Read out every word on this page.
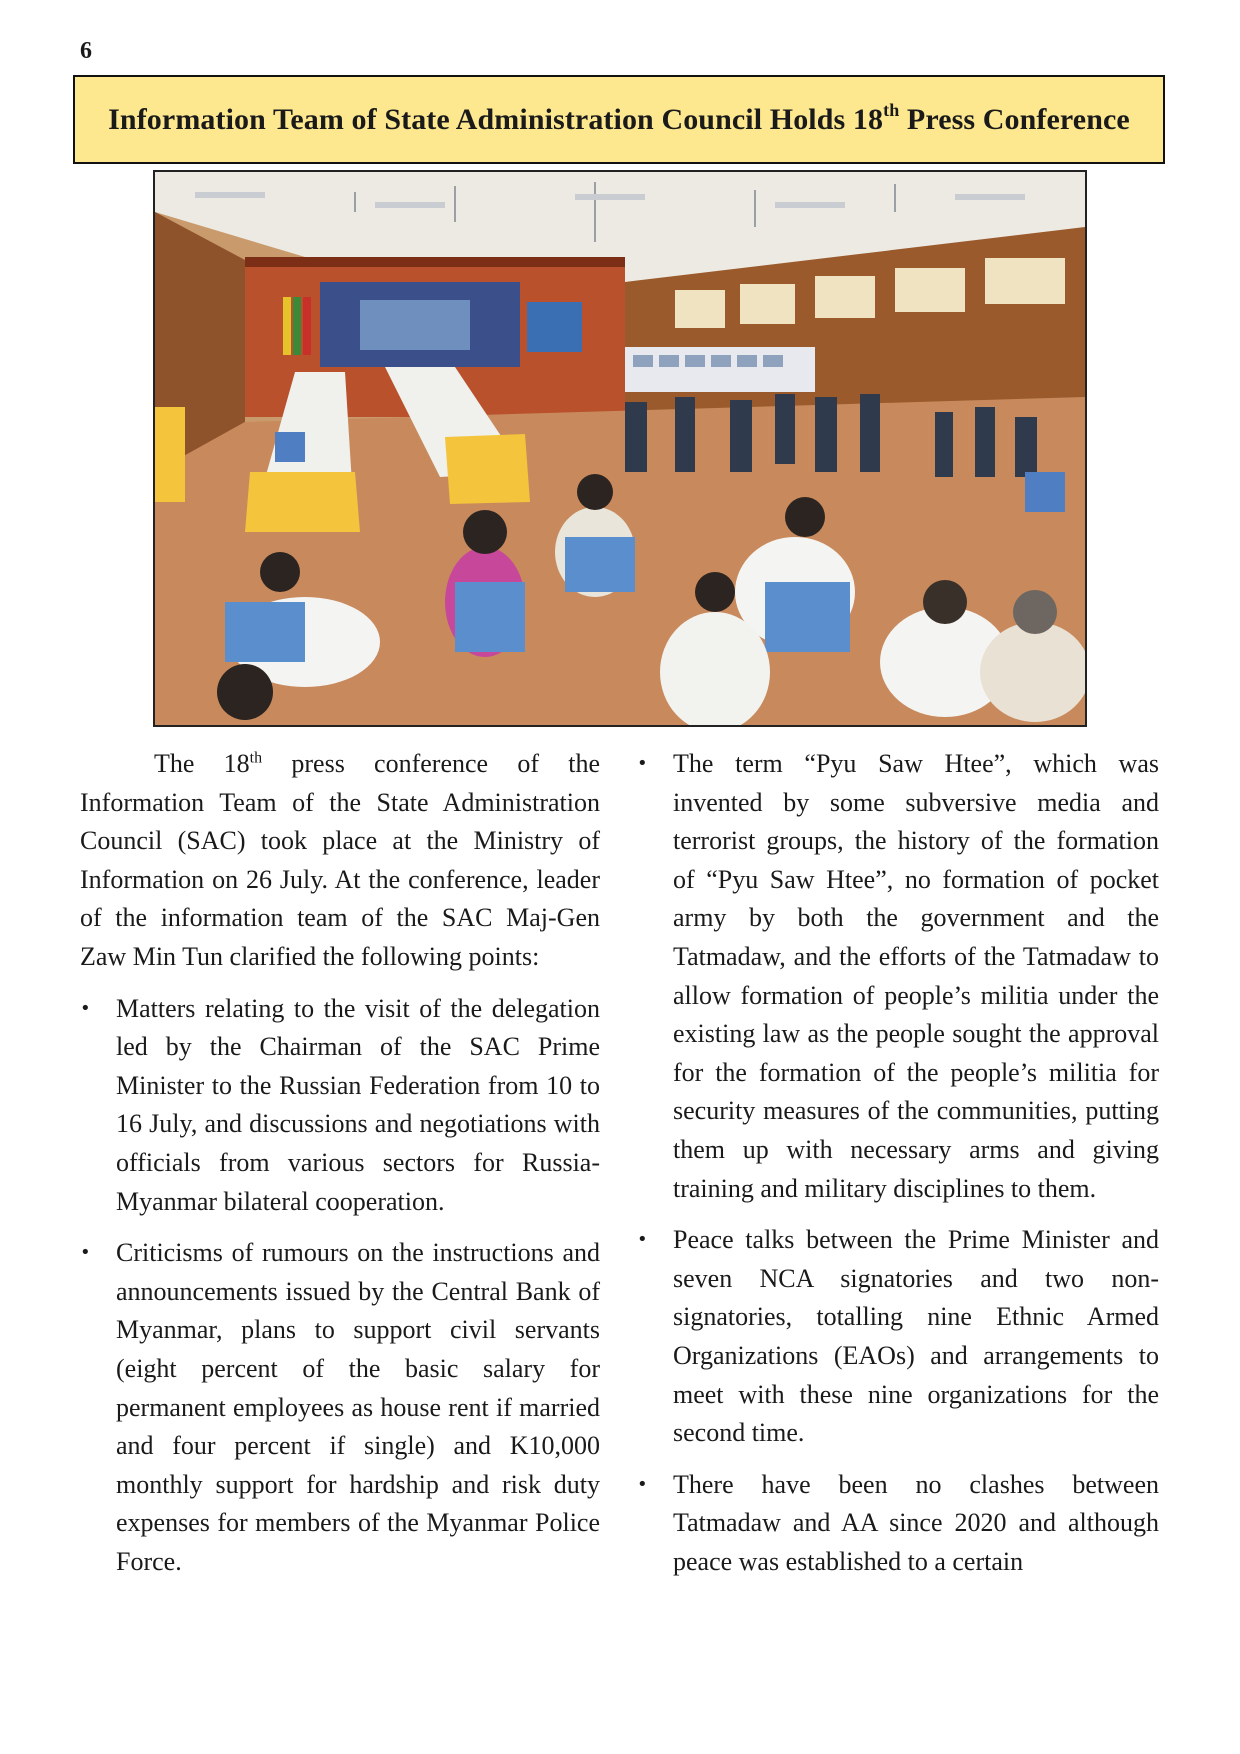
6
Information Team of State Administration Council Holds 18th Press Conference

The 18th press conference of the Information Team of the State Administration Council (SAC) took place at the Ministry of Information on 26 July. At the conference, leader of the information team of the SAC Maj-Gen Zaw Min Tun clarified the following points:

• Matters relating to the visit of the delegation led by the Chairman of the SAC Prime Minister to the Russian Federation from 10 to 16 July, and discussions and negotiations with officials from various sectors for Russia-Myanmar bilateral cooperation.
• Criticisms of rumours on the instructions and announcements issued by the Central Bank of Myanmar, plans to support civil servants (eight percent of the basic salary for permanent employees as house rent if married and four percent if single) and K10,000 monthly support for hardship and risk duty expenses for members of the Myanmar Police Force.
• The term “Pyu Saw Htee”, which was invented by some subversive media and terrorist groups, the history of the formation of “Pyu Saw Htee”, no formation of pocket army by both the government and the Tatmadaw, and the efforts of the Tatmadaw to allow formation of people’s militia under the existing law as the people sought the approval for the formation of the people’s militia for security measures of the communities, putting them up with necessary arms and giving training and military disciplines to them.
• Peace talks between the Prime Minister and seven NCA signatories and two non-signatories, totalling nine Ethnic Armed Organizations (EAOs) and arrangements to meet with these nine organizations for the second time.
• There have been no clashes between Tatmadaw and AA since 2020 and although peace was established to a certain
